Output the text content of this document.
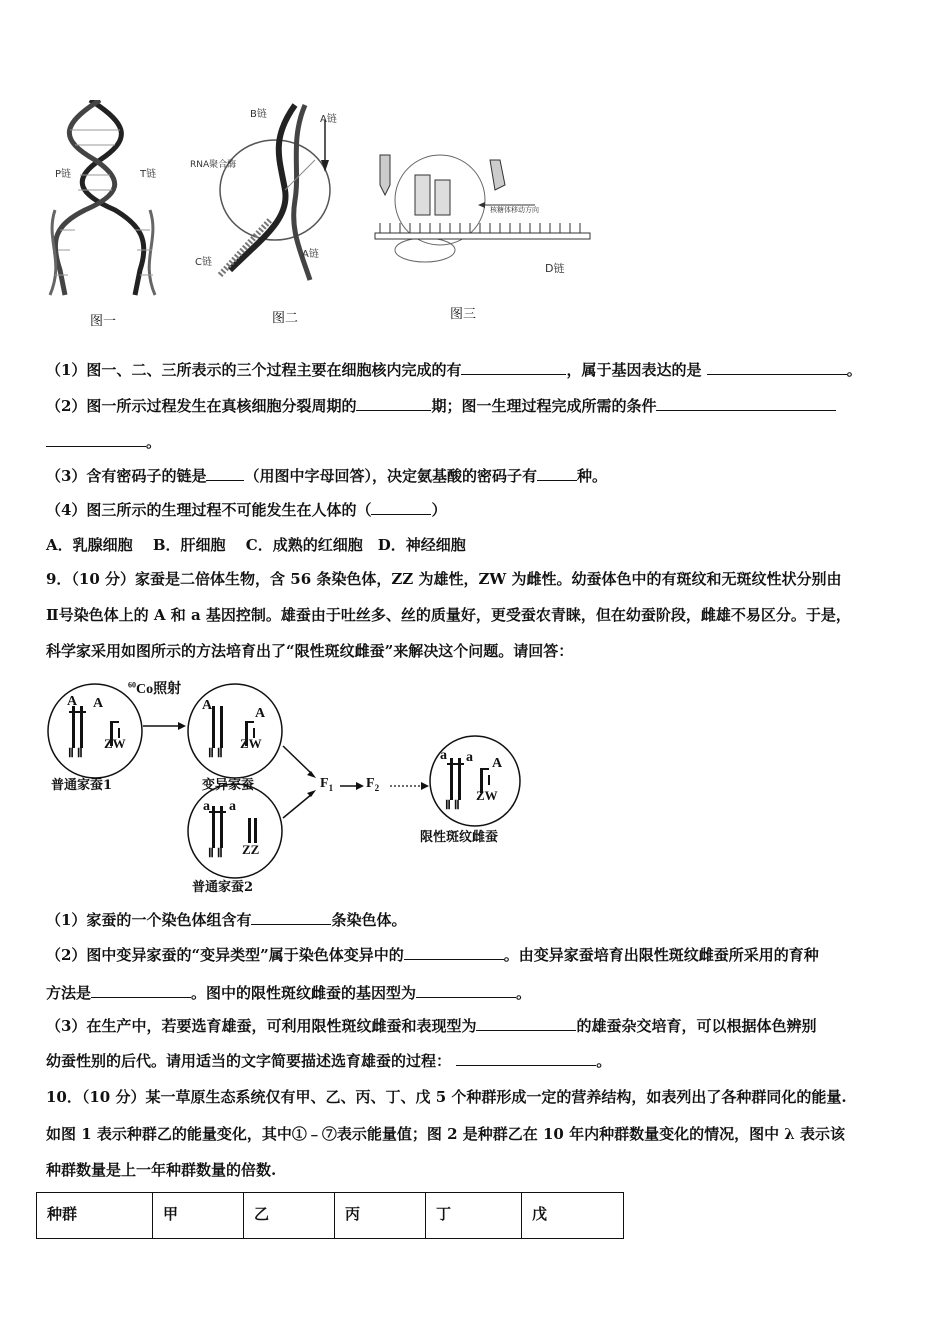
P链	T链
图一
B链	A链
RNA聚合酶
C链
A链
图二
核糖体移动方向
D链
图三
（1）图一、二、三所表示的三个过程主要在细胞核内完成的有	，属于基因表达的是	。
（2）图一所示过程发生在真核细胞分裂周期的	期；图一生理过程完成所需的条件
。
（3）含有密码子的链是	（用图中字母回答），决定氨基酸的密码子有	种。
（4）图三所示的生理过程不可能发生在人体的（	）
A．乳腺细胞　 B．肝细胞　 C．成熟的红细胞　D．神经细胞
9．（10 分）家蚕是二倍体生物，含 56 条染色体，ZZ 为雄性，ZW 为雌性。幼蚕体色中的有斑纹和无斑纹性状分别由
Ⅱ号染色体上的 A 和 a 基因控制。雄蚕由于吐丝多、丝的质量好，更受蚕农青睐，但在幼蚕阶段，雌雄不易区分。于是，
科学家采用如图所示的方法培育出了“限性斑纹雌蚕”来解决这个问题。请回答：
$^{60}$Co照射
A A
Ⅱ Ⅱ
ZW
普通家蚕1
A
A
Ⅱ Ⅱ
ZW
变异家蚕
a a
Ⅱ Ⅱ ZZ
普通家蚕2
$F_1$ $F_2$
a a A
Ⅱ Ⅱ
ZW
限性斑纹雌蚕
（1）家蚕的一个染色体组含有	条染色体。
（2）图中变异家蚕的“变异类型”属于染色体变异中的	。由变异家蚕培育出限性斑纹雌蚕所采用的育种
方法是	。图中的限性斑纹雌蚕的基因型为	。
（3）在生产中，若要选育雄蚕，可利用限性斑纹雌蚕和表现型为	的雄蚕杂交培育，可以根据体色辨别
幼蚕性别的后代。请用适当的文字简要描述选育雄蚕的过程：	。
10．（10 分）某一草原生态系统仅有甲、乙、丙、丁、戊 5 个种群形成一定的营养结构，如表列出了各种群同化的能量.
如图 1 表示种群乙的能量变化，其中①﹣⑦表示能量值；图 2 是种群乙在 10 年内种群数量变化的情况，图中 λ 表示该
种群数量是上一年种群数量的倍数.
种群	甲	乙	丙	丁	戊
